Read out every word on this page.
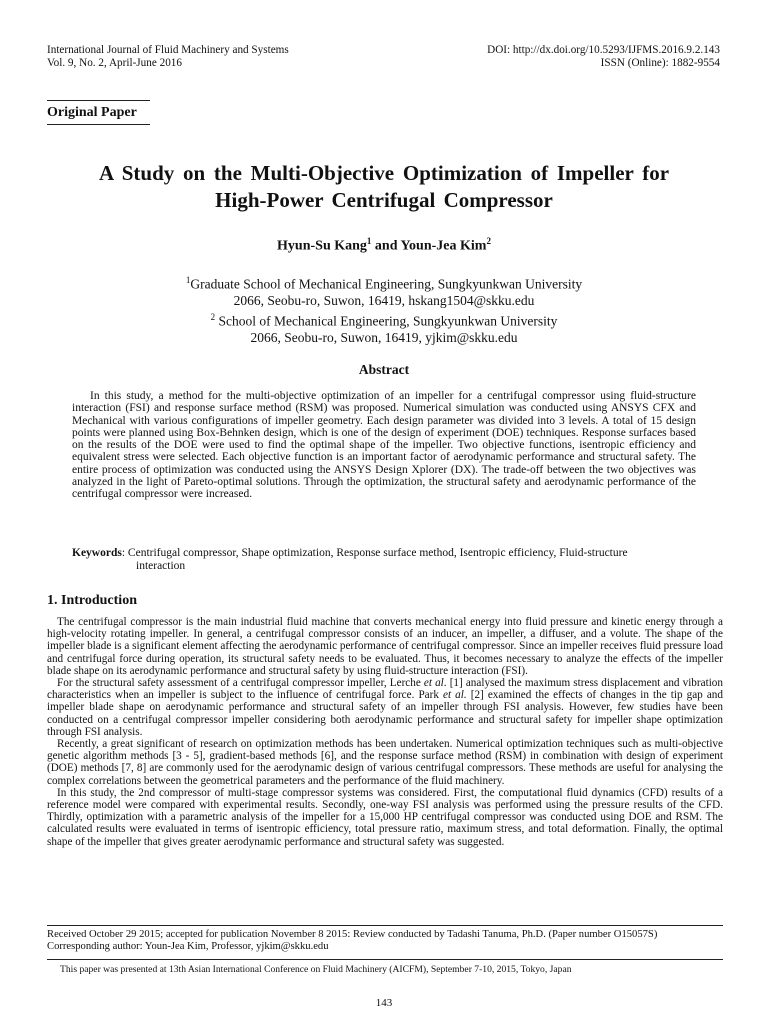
International Journal of Fluid Machinery and Systems
Vol. 9, No. 2, April-June 2016
DOI: http://dx.doi.org/10.5293/IJFMS.2016.9.2.143
ISSN (Online): 1882-9554
Original Paper
A Study on the Multi-Objective Optimization of Impeller for
High-Power Centrifugal Compressor
Hyun-Su Kang$^1$ and Youn-Jea Kim$^2$
$^1$Graduate School of Mechanical Engineering, Sungkyunkwan University
2066, Seobu-ro, Suwon, 16419, hskang1504@skku.edu
$^2$ School of Mechanical Engineering, Sungkyunkwan University
2066, Seobu-ro, Suwon, 16419, yjkim@skku.edu
Abstract

In this study, a method for the multi-objective optimization of an impeller for a centrifugal compressor using fluid-structure interaction (FSI) and response surface method (RSM) was proposed. Numerical simulation was conducted using ANSYS CFX and Mechanical with various configurations of impeller geometry. Each design parameter was divided into 3 levels. A total of 15 design points were planned using Box-Behnken design, which is one of the design of experiment (DOE) techniques. Response surfaces based on the results of the DOE were used to find the optimal shape of the impeller. Two objective functions, isentropic efficiency and equivalent stress were selected. Each objective function is an important factor of aerodynamic performance and structural safety. The entire process of optimization was conducted using the ANSYS Design Xplorer (DX). The trade-off between the two objectives was analyzed in the light of Pareto-optimal solutions. Through the optimization, the structural safety and aerodynamic performance of the centrifugal compressor were increased.

Keywords: Centrifugal compressor, Shape optimization, Response surface method, Isentropic efficiency, Fluid-structure
interaction
1. Introduction

The centrifugal compressor is the main industrial fluid machine that converts mechanical energy into fluid pressure and kinetic energy through a high-velocity rotating impeller. In general, a centrifugal compressor consists of an inducer, an impeller, a diffuser, and a volute. The shape of the impeller blade is a significant element affecting the aerodynamic performance of centrifugal compressor. Since an impeller receives fluid pressure load and centrifugal force during operation, its structural safety needs to be evaluated. Thus, it becomes necessary to analyze the effects of the impeller blade shape on its aerodynamic performance and structural safety by using fluid-structure interaction (FSI).

For the structural safety assessment of a centrifugal compressor impeller, Lerche et al. [1] analysed the maximum stress displacement and vibration characteristics when an impeller is subject to the influence of centrifugal force. Park et al. [2] examined the effects of changes in the tip gap and impeller blade shape on aerodynamic performance and structural safety of an impeller through FSI analysis. However, few studies have been conducted on a centrifugal compressor impeller considering both aerodynamic performance and structural safety for impeller shape optimization through FSI analysis.

Recently, a great significant of research on optimization methods has been undertaken. Numerical optimization techniques such as multi-objective genetic algorithm methods [3 - 5], gradient-based methods [6], and the response surface method (RSM) in combination with design of experiment (DOE) methods [7, 8] are commonly used for the aerodynamic design of various centrifugal compressors. These methods are useful for analysing the complex correlations between the geometrical parameters and the performance of the fluid machinery.

In this study, the 2nd compressor of multi-stage compressor systems was considered. First, the computational fluid dynamics (CFD) results of a reference model were compared with experimental results. Secondly, one-way FSI analysis was performed using the pressure results of the CFD. Thirdly, optimization with a parametric analysis of the impeller for a 15,000 HP centrifugal compressor was conducted using DOE and RSM. The calculated results were evaluated in terms of isentropic efficiency, total pressure ratio, maximum stress, and total deformation. Finally, the optimal shape of the impeller that gives greater aerodynamic performance and structural safety was suggested.

Received October 29 2015; accepted for publication November 8 2015: Review conducted by Tadashi Tanuma, Ph.D. (Paper number O15057S)
Corresponding author: Youn-Jea Kim, Professor, yjkim@skku.edu
This paper was presented at 13th Asian International Conference on Fluid Machinery (AICFM), September 7-10, 2015, Tokyo, Japan
143
